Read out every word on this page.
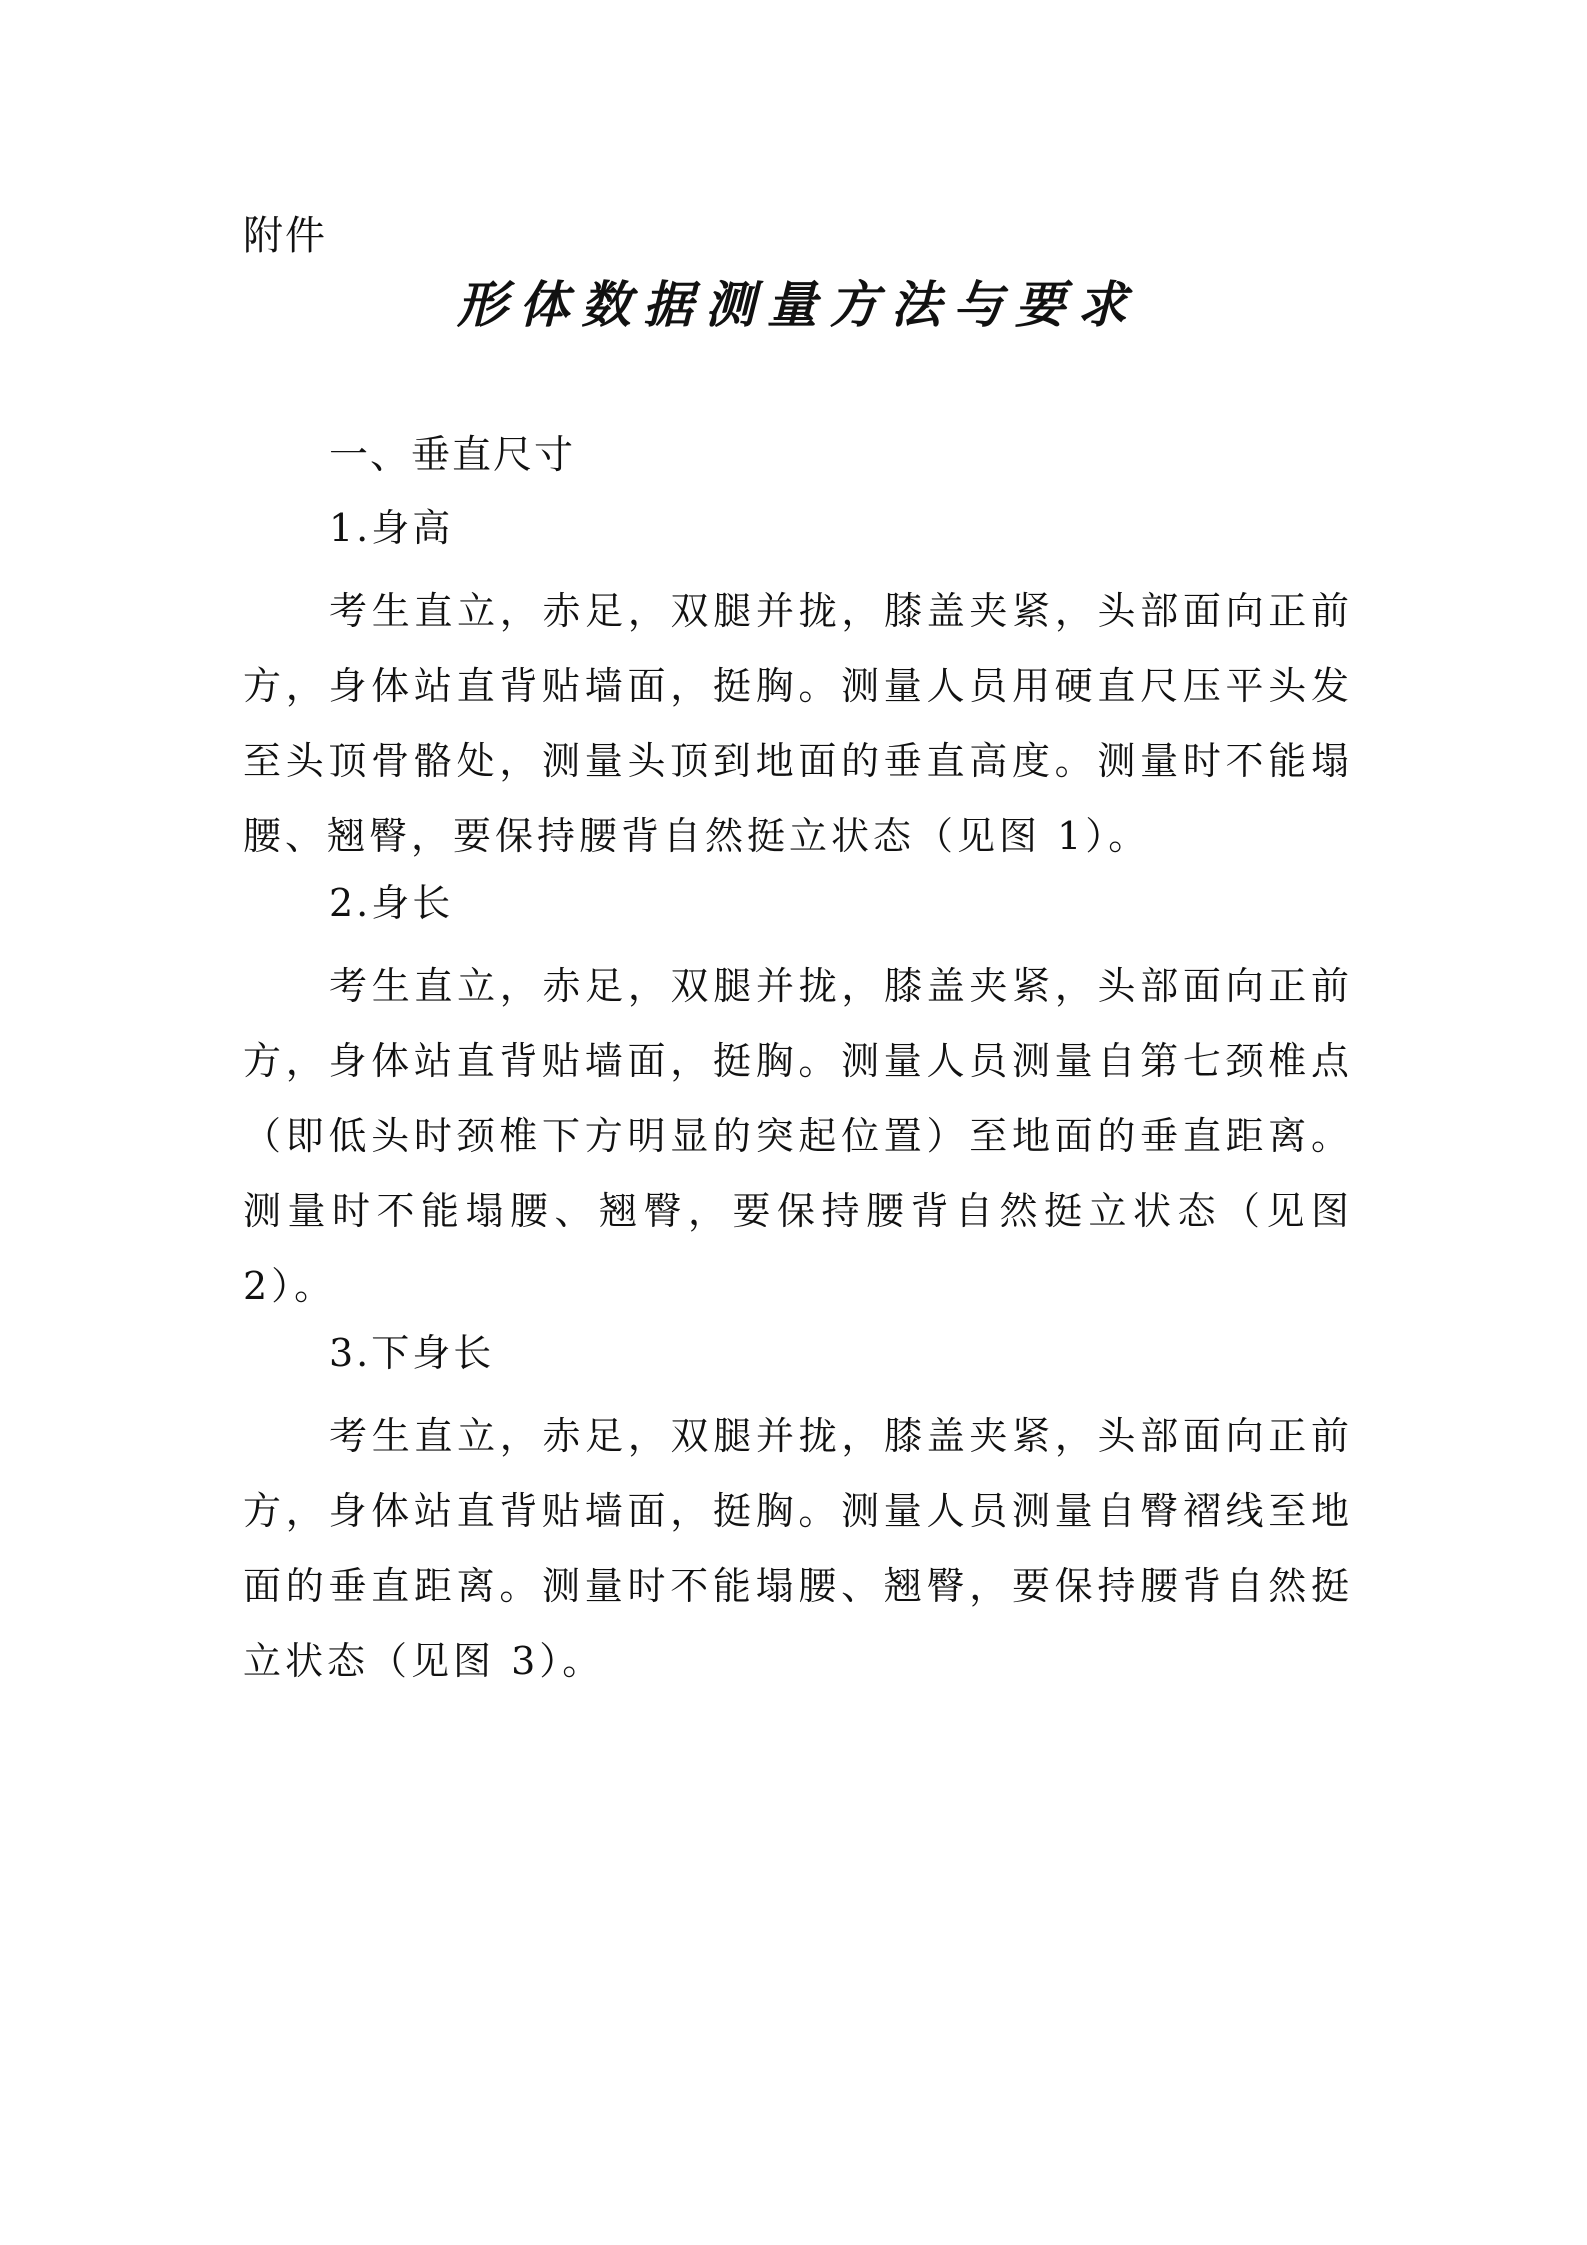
附件
形体数据测量方法与要求
一、垂直尺寸
1.身高

考生直立，赤足，双腿并拢，膝盖夹紧，头部面向正前方，身体站直背贴墙面，挺胸。测量人员用硬直尺压平头发至头顶骨骼处，测量头顶到地面的垂直高度。测量时不能塌腰、翘臀，要保持腰背自然挺立状态（见图 1）。

2.身长

考生直立，赤足，双腿并拢，膝盖夹紧，头部面向正前方，身体站直背贴墙面，挺胸。测量人员测量自第七颈椎点（即低头时颈椎下方明显的突起位置）至地面的垂直距离。测量时不能塌腰、翘臀，要保持腰背自然挺立状态（见图 2）。

3.下身长

考生直立，赤足，双腿并拢，膝盖夹紧，头部面向正前方，身体站直背贴墙面，挺胸。测量人员测量自臀褶线至地面的垂直距离。测量时不能塌腰、翘臀，要保持腰背自然挺立状态（见图 3）。
